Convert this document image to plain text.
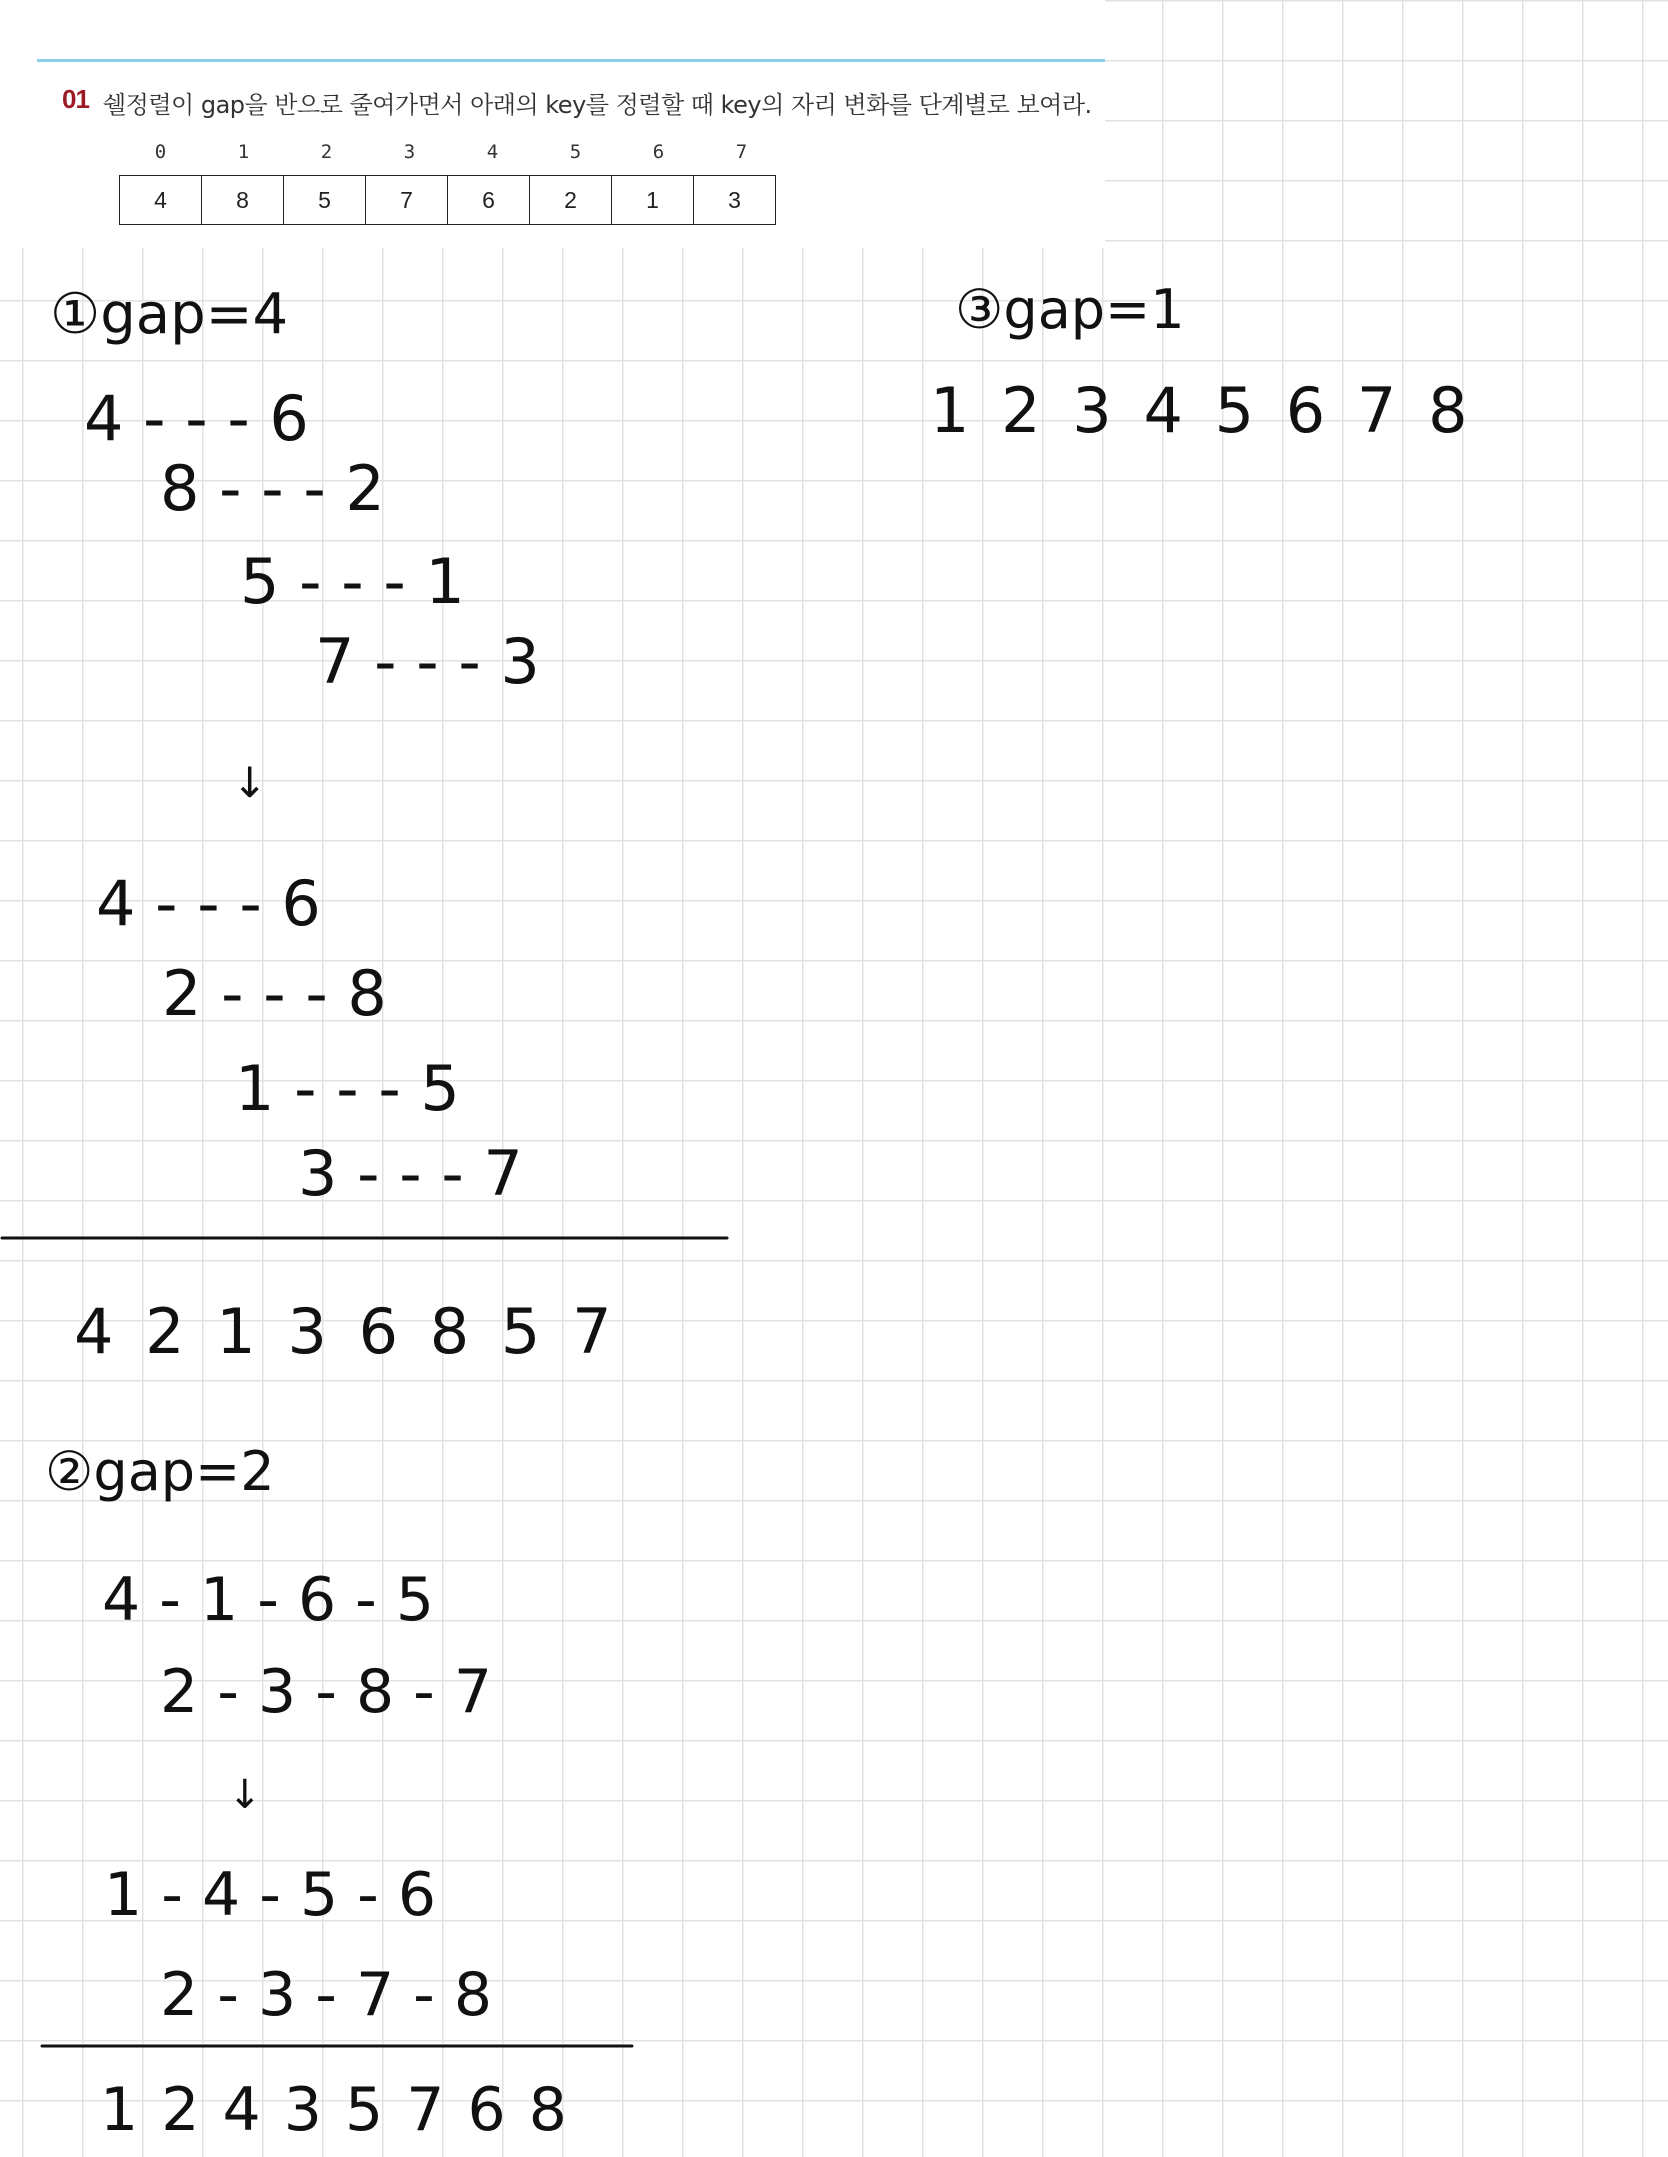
01 쉘정렬이 gap을 반으로 줄여가면서 아래의 key를 정렬할 때 key의 자리 변화를 단계별로 보여라.
0	1	2	3	4	5	6	7
4	8	5	7	6	2	1	3
①gap=4
4 - - - 6
8 - - - 2
5 - - - 1
7 - - - 3
↓
4 - - - 6
2 - - - 8
1 - - - 5
3 - - - 7
4 2 1 3 6 8 5 7
②gap=2
4 - 1 - 6 - 5
2 - 3 - 8 - 7
↓
1 - 4 - 5 - 6
2 - 3 - 7 - 8
1 2 4 3 5 7 6 8
③gap=1
1 2 3 4 5 6 7 8
